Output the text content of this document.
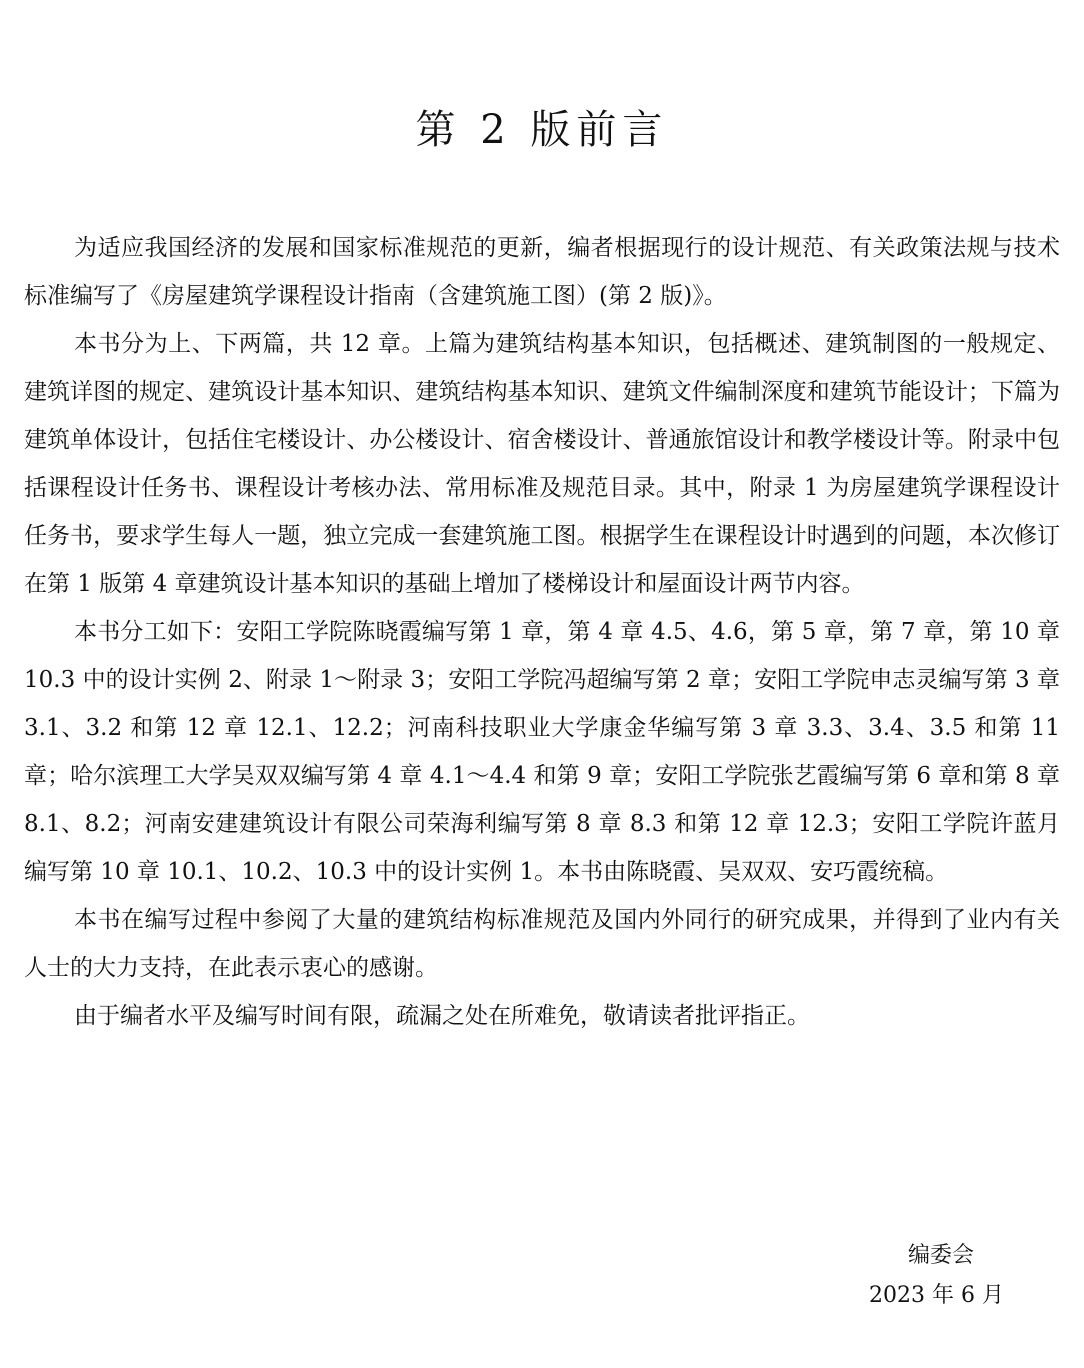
第 2 版前言

为适应我国经济的发展和国家标准规范的更新，编者根据现行的设计规范、有关政策法规与技术标准编写了《房屋建筑学课程设计指南（含建筑施工图）(第 2 版)》。

本书分为上、下两篇，共 12 章。上篇为建筑结构基本知识，包括概述、建筑制图的一般规定、建筑详图的规定、建筑设计基本知识、建筑结构基本知识、建筑文件编制深度和建筑节能设计；下篇为建筑单体设计，包括住宅楼设计、办公楼设计、宿舍楼设计、普通旅馆设计和教学楼设计等。附录中包括课程设计任务书、课程设计考核办法、常用标准及规范目录。其中，附录 1 为房屋建筑学课程设计任务书，要求学生每人一题，独立完成一套建筑施工图。根据学生在课程设计时遇到的问题，本次修订在第 1 版第 4 章建筑设计基本知识的基础上增加了楼梯设计和屋面设计两节内容。

本书分工如下：安阳工学院陈晓霞编写第 1 章，第 4 章 4.5、4.6，第 5 章，第 7 章，第 10 章 10.3 中的设计实例 2、附录 1～附录 3；安阳工学院冯超编写第 2 章；安阳工学院申志灵编写第 3 章 3.1、3.2 和第 12 章 12.1、12.2；河南科技职业大学康金华编写第 3 章 3.3、3.4、3.5 和第 11 章；哈尔滨理工大学吴双双编写第 4 章 4.1～4.4 和第 9 章；安阳工学院张艺霞编写第 6 章和第 8 章 8.1、8.2；河南安建建筑设计有限公司荣海利编写第 8 章 8.3 和第 12 章 12.3；安阳工学院许蓝月编写第 10 章 10.1、10.2、10.3 中的设计实例 1。本书由陈晓霞、吴双双、安巧霞统稿。

本书在编写过程中参阅了大量的建筑结构标准规范及国内外同行的研究成果，并得到了业内有关人士的大力支持，在此表示衷心的感谢。

由于编者水平及编写时间有限，疏漏之处在所难免，敬请读者批评指正。

编委会
2023 年 6 月
